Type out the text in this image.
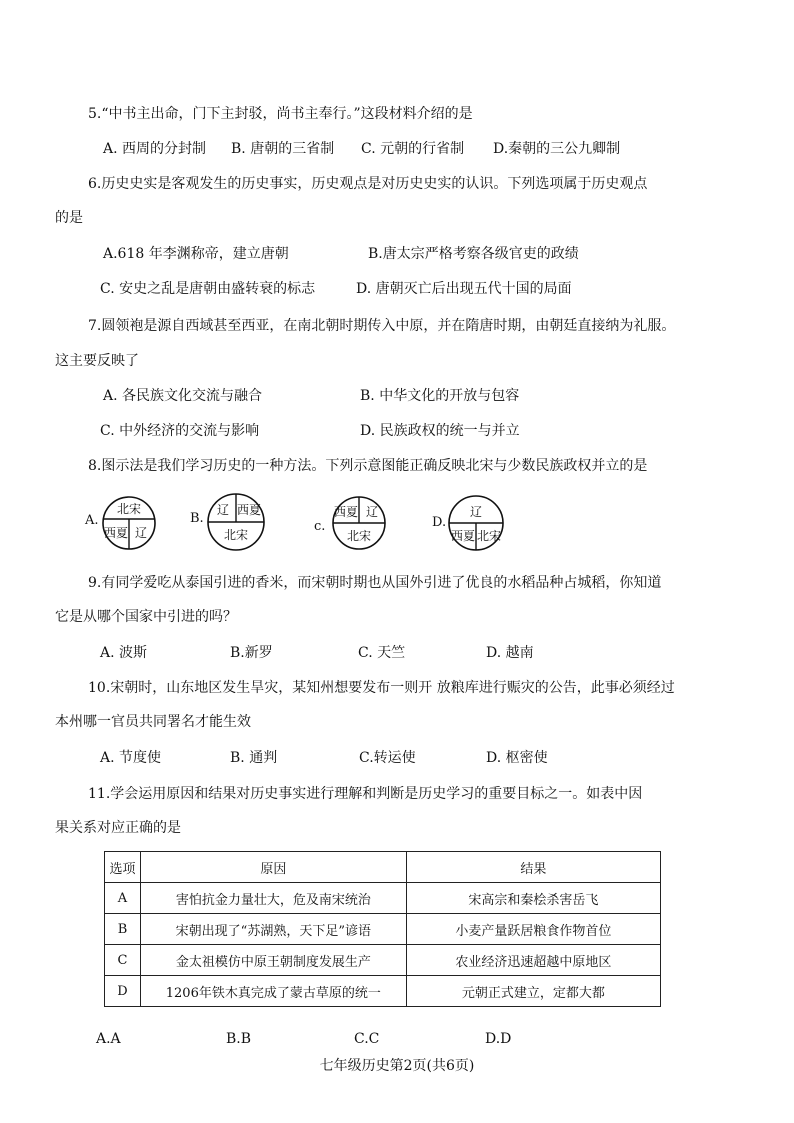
5.“中书主出命，门下主封驳，尚书主奉行。”这段材料介绍的是
A. 西周的分封制 B. 唐朝的三省制 C. 元朝的行省制 D.秦朝的三公九卿制
6.历史史实是客观发生的历史事实，历史观点是对历史史实的认识。下列选项属于历史观点
的是
A.618 年李渊称帝，建立唐朝	B.唐太宗严格考察各级官吏的政绩
C. 安史之乱是唐朝由盛转衰的标志	D. 唐朝灭亡后出现五代十国的局面
7.圆领袍是源自西域甚至西亚，在南北朝时期传入中原，并在隋唐时期，由朝廷直接纳为礼服。
这主要反映了
A. 各民族文化交流与融合	B. 中华文化的开放与包容
C. 中外经济的交流与影响	D. 民族政权的统一与并立
8.图示法是我们学习历史的一种方法。下列示意图能正确反映北宋与少数民族政权并立的是
A.
北宋
西夏 辽
B.
辽 西夏
北宋
c.
西夏 辽
北宋
D.
辽
西夏 北宋
9.有同学爱吃从泰国引进的香米，而宋朝时期也从国外引进了优良的水稻品种占城稻，你知道
它是从哪个国家中引进的吗？
A. 波斯	B.新罗	C. 天竺	D. 越南
10.宋朝时，山东地区发生旱灾，某知州想要发布一则开 放粮库进行赈灾的公告，此事必须经过
本州哪一官员共同署名才能生效
A. 节度使	B. 通判	C.转运使	D. 枢密使
11.学会运用原因和结果对历史事实进行理解和判断是历史学习的重要目标之一。如表中因
果关系对应正确的是
选项	原因	结果
A	害怕抗金力量壮大，危及南宋统治	宋高宗和秦桧杀害岳飞
B	宋朝出现了“苏湖熟，天下足”谚语	小麦产量跃居粮食作物首位
C	金太祖模仿中原王朝制度发展生产	农业经济迅速超越中原地区
D	1206年铁木真完成了蒙古草原的统一	元朝正式建立，定都大都
A.A	B.B	C.C	D.D
七年级历史第2页(共6页)
